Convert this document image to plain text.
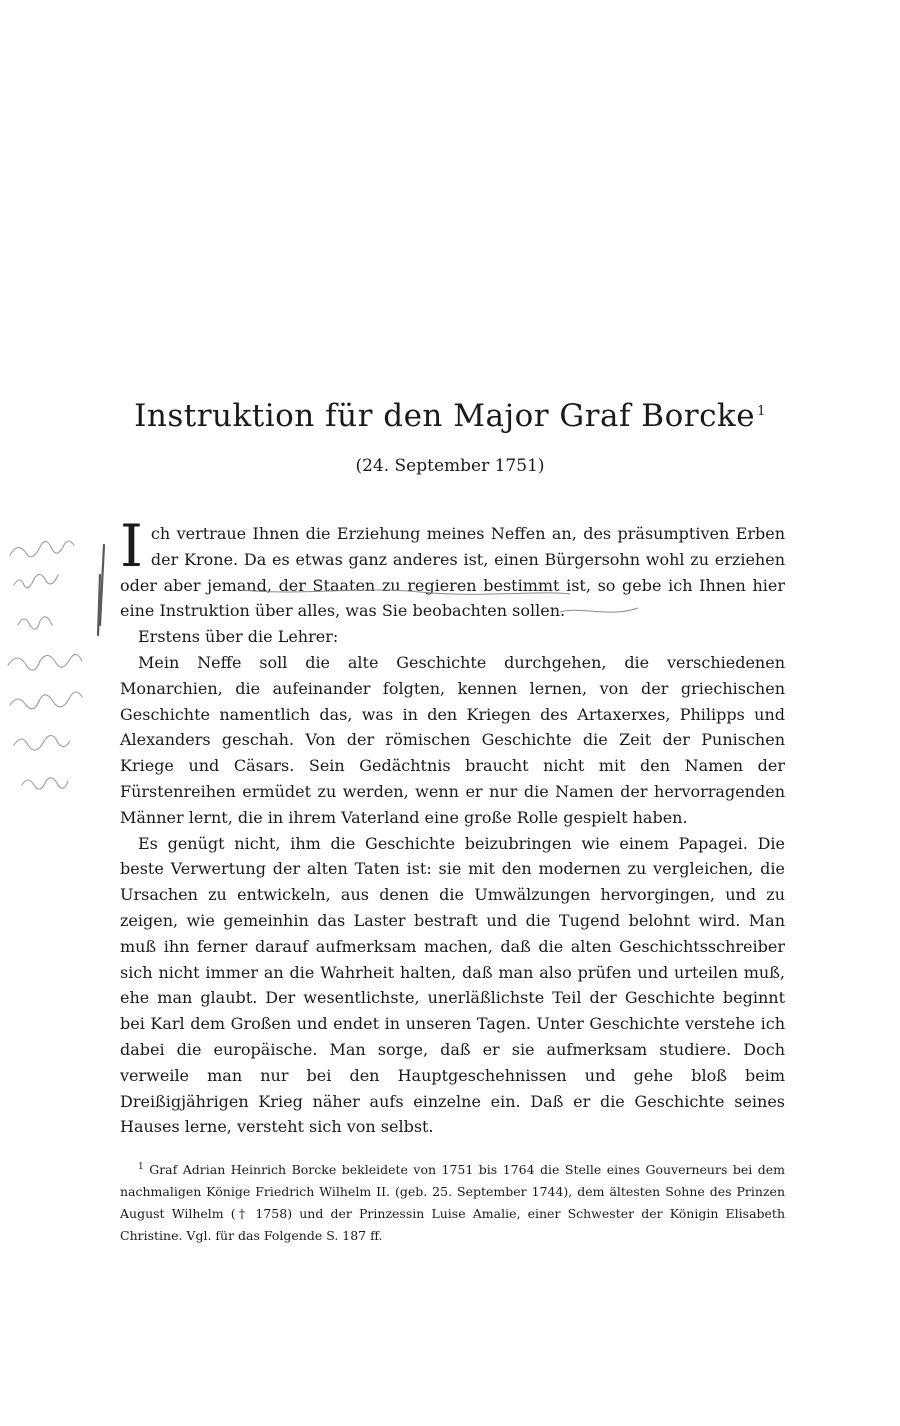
Instruktion für den Major Graf Borcke $^1$
(24. September 1751)

Ich vertraue Ihnen die Erziehung meines Neffen an, des präsumptiven Erben der Krone. Da es etwas ganz anderes ist, einen Bürgersohn wohl zu erziehen oder aber jemand, der Staaten zu regieren bestimmt ist, so gebe ich Ihnen hier eine Instruktion über alles, was Sie beobachten sollen.

Erstens über die Lehrer:

Mein Neffe soll die alte Geschichte durchgehen, die verschiedenen Monarchien, die aufeinander folgten, kennen lernen, von der griechischen Geschichte namentlich das, was in den Kriegen des Artaxerxes, Philipps und Alexanders geschah. Von der römischen Geschichte die Zeit der Punischen Kriege und Cäsars. Sein Gedächtnis braucht nicht mit den Namen der Fürstenreihen ermüdet zu werden, wenn er nur die Namen der hervorragenden Männer lernt, die in ihrem Vaterland eine große Rolle gespielt haben.

Es genügt nicht, ihm die Geschichte beizubringen wie einem Papagei. Die beste Verwertung der alten Taten ist: sie mit den modernen zu vergleichen, die Ursachen zu entwickeln, aus denen die Umwälzungen hervorgingen, und zu zeigen, wie gemeinhin das Laster bestraft und die Tugend belohnt wird. Man muß ihn ferner darauf aufmerksam machen, daß die alten Geschichtsschreiber sich nicht immer an die Wahrheit halten, daß man also prüfen und urteilen muß, ehe man glaubt. Der wesentlichste, unerläßlichste Teil der Geschichte beginnt bei Karl dem Großen und endet in unseren Tagen. Unter Geschichte verstehe ich dabei die europäische. Man sorge, daß er sie aufmerksam studiere. Doch verweile man nur bei den Hauptgeschehnissen und gehe bloß beim Dreißigjährigen Krieg näher aufs einzelne ein. Daß er die Geschichte seines Hauses lerne, versteht sich von selbst.

$^1$ Graf Adrian Heinrich Borcke bekleidete von 1751 bis 1764 die Stelle eines Gouverneurs bei dem nachmaligen Könige Friedrich Wilhelm II. (geb. 25. September 1744), dem ältesten Sohne des Prinzen August Wilhelm († 1758) und der Prinzessin Luise Amalie, einer Schwester der Königin Elisabeth Christine. Vgl. für das Folgende S. 187 ff.
